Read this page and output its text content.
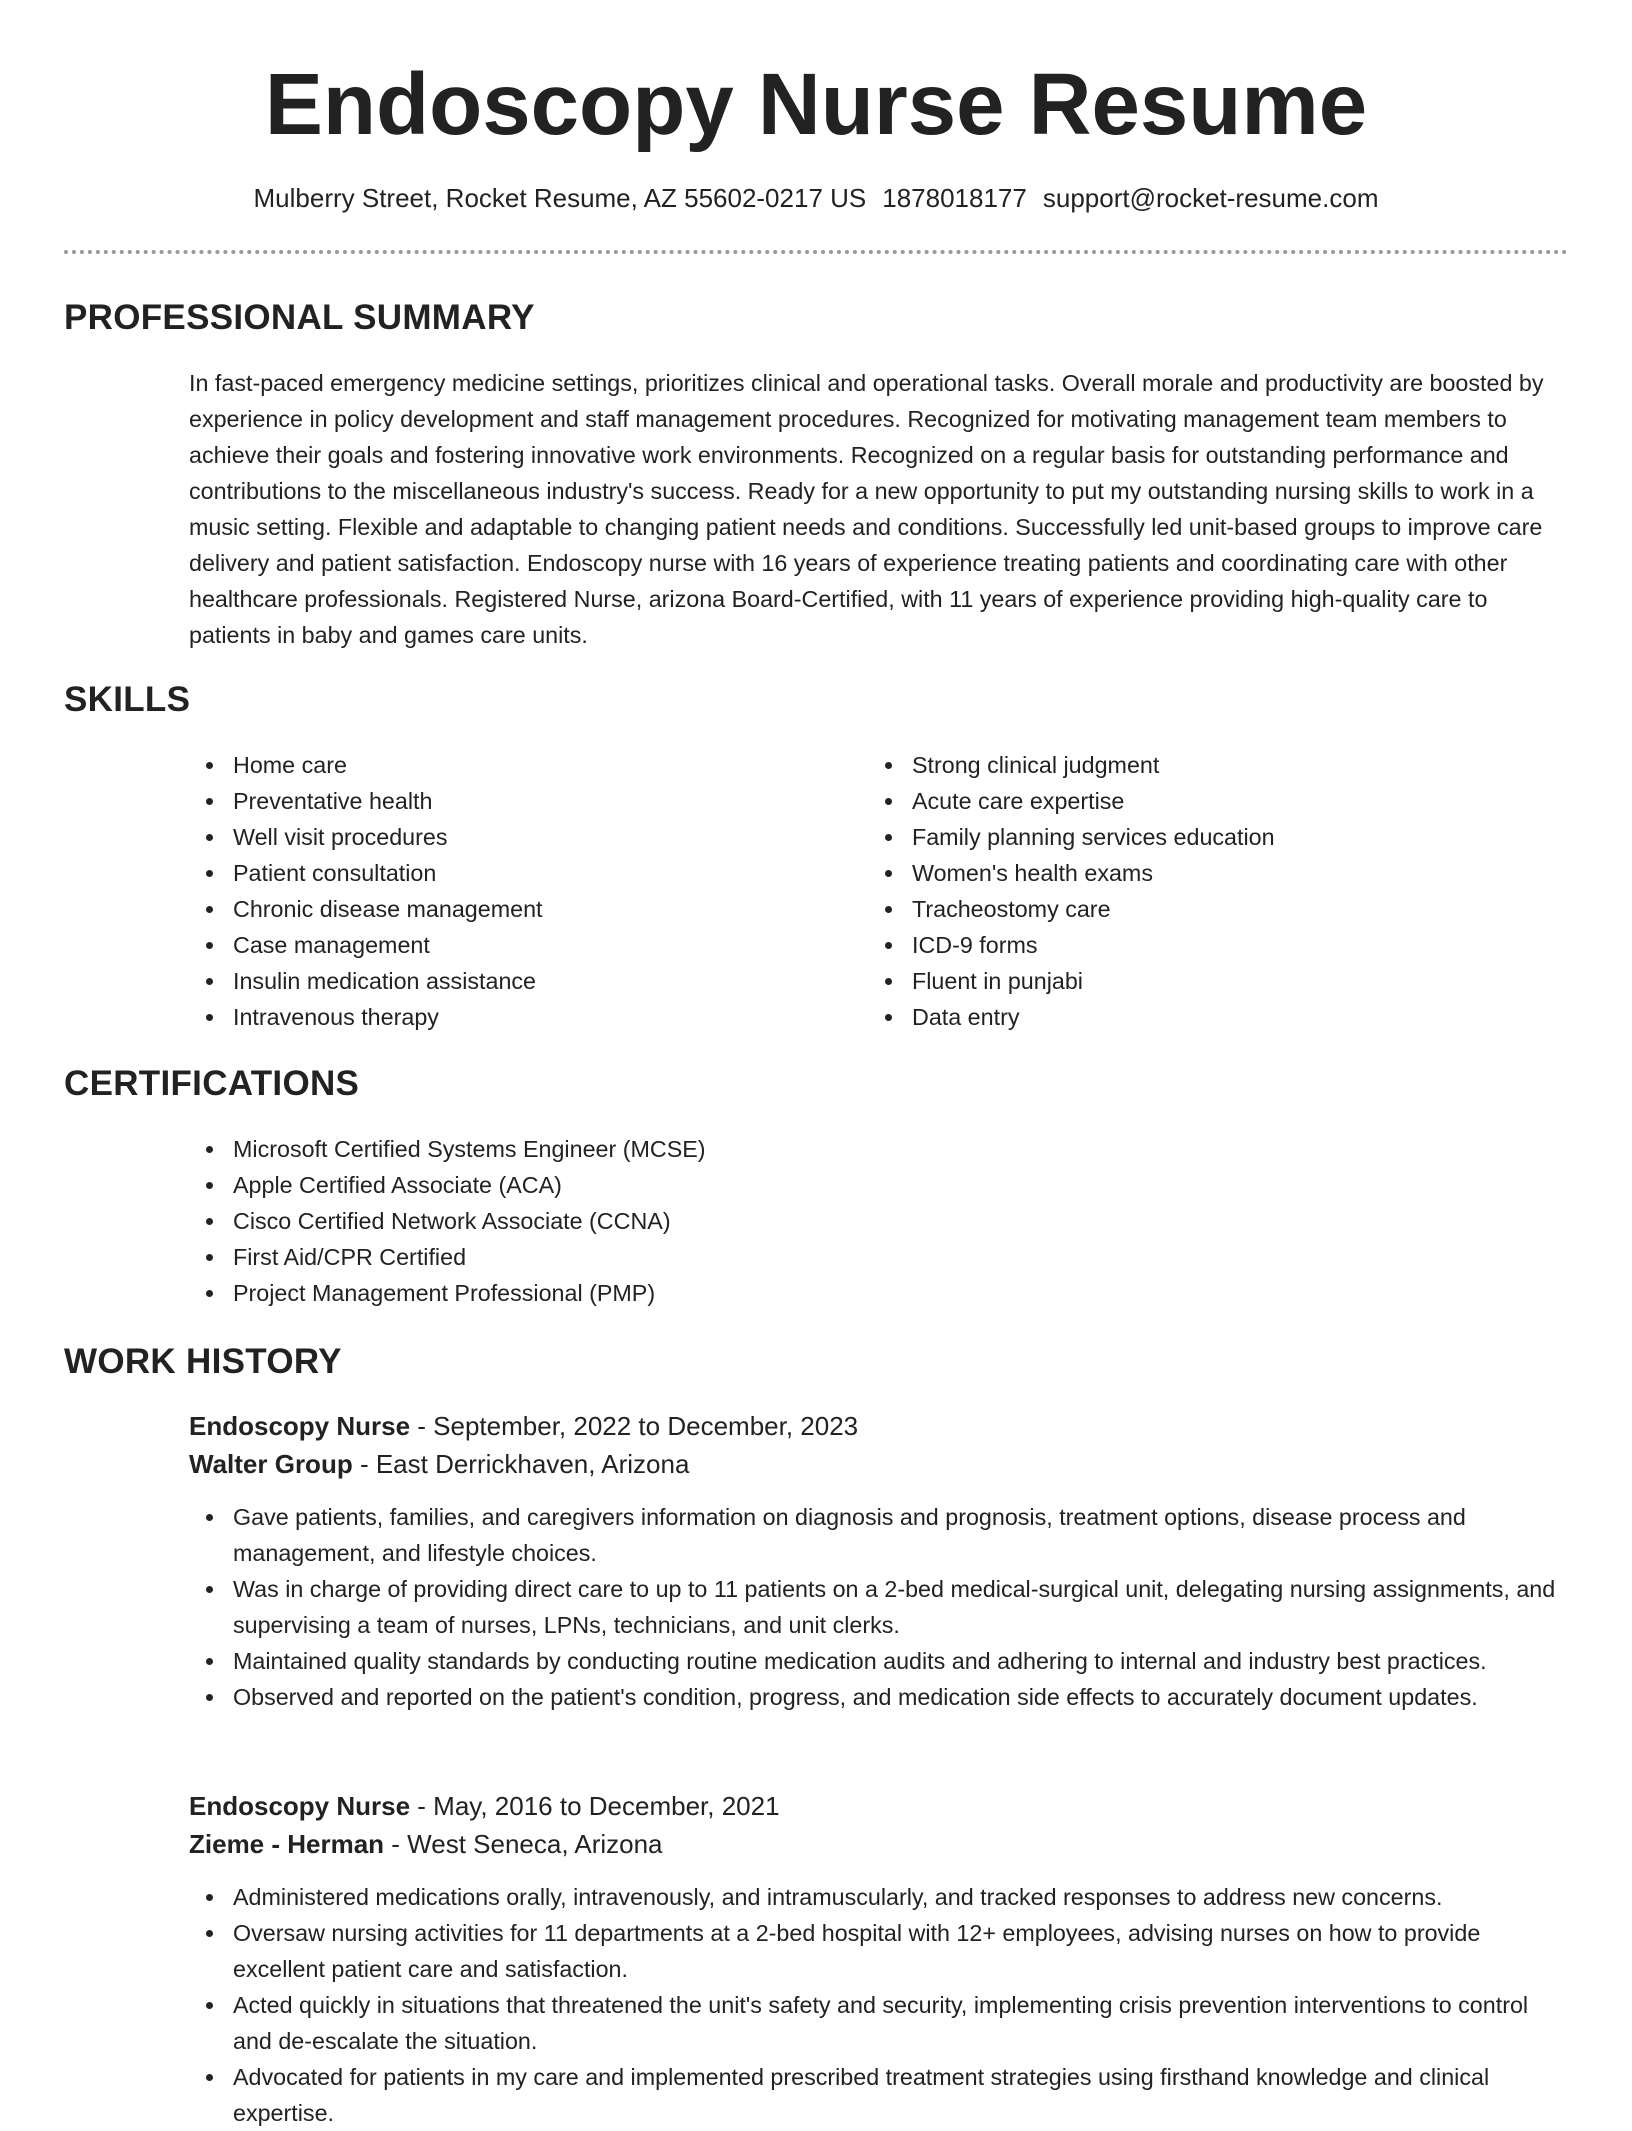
Endoscopy Nurse Resume
Mulberry Street, Rocket Resume, AZ 55602-0217 US 1878018177 support@rocket-resume.com
PROFESSIONAL SUMMARY

In fast-paced emergency medicine settings, prioritizes clinical and operational tasks. Overall morale and productivity are boosted by experience in policy development and staff management procedures. Recognized for motivating management team members to achieve their goals and fostering innovative work environments. Recognized on a regular basis for outstanding performance and contributions to the miscellaneous industry's success. Ready for a new opportunity to put my outstanding nursing skills to work in a music setting. Flexible and adaptable to changing patient needs and conditions. Successfully led unit-based groups to improve care delivery and patient satisfaction. Endoscopy nurse with 16 years of experience treating patients and coordinating care with other healthcare professionals. Registered Nurse, arizona Board-Certified, with 11 years of experience providing high-quality care to patients in baby and games care units.

SKILLS
Home care
Preventative health
Well visit procedures
Patient consultation
Chronic disease management
Case management
Insulin medication assistance
Intravenous therapy
Strong clinical judgment
Acute care expertise
Family planning services education
Women's health exams
Tracheostomy care
ICD-9 forms
Fluent in punjabi
Data entry
CERTIFICATIONS
Microsoft Certified Systems Engineer (MCSE)
Apple Certified Associate (ACA)
Cisco Certified Network Associate (CCNA)
First Aid/CPR Certified
Project Management Professional (PMP)
WORK HISTORY
Endoscopy Nurse - September, 2022 to December, 2023
Walter Group - East Derrickhaven, Arizona
Gave patients, families, and caregivers information on diagnosis and prognosis, treatment options, disease process and management, and lifestyle choices.
Was in charge of providing direct care to up to 11 patients on a 2-bed medical-surgical unit, delegating nursing assignments, and supervising a team of nurses, LPNs, technicians, and unit clerks.
Maintained quality standards by conducting routine medication audits and adhering to internal and industry best practices.
Observed and reported on the patient's condition, progress, and medication side effects to accurately document updates.
Endoscopy Nurse - May, 2016 to December, 2021
Zieme - Herman - West Seneca, Arizona
Administered medications orally, intravenously, and intramuscularly, and tracked responses to address new concerns.
Oversaw nursing activities for 11 departments at a 2-bed hospital with 12+ employees, advising nurses on how to provide excellent patient care and satisfaction.
Acted quickly in situations that threatened the unit's safety and security, implementing crisis prevention interventions to control and de-escalate the situation.
Advocated for patients in my care and implemented prescribed treatment strategies using firsthand knowledge and clinical expertise.
